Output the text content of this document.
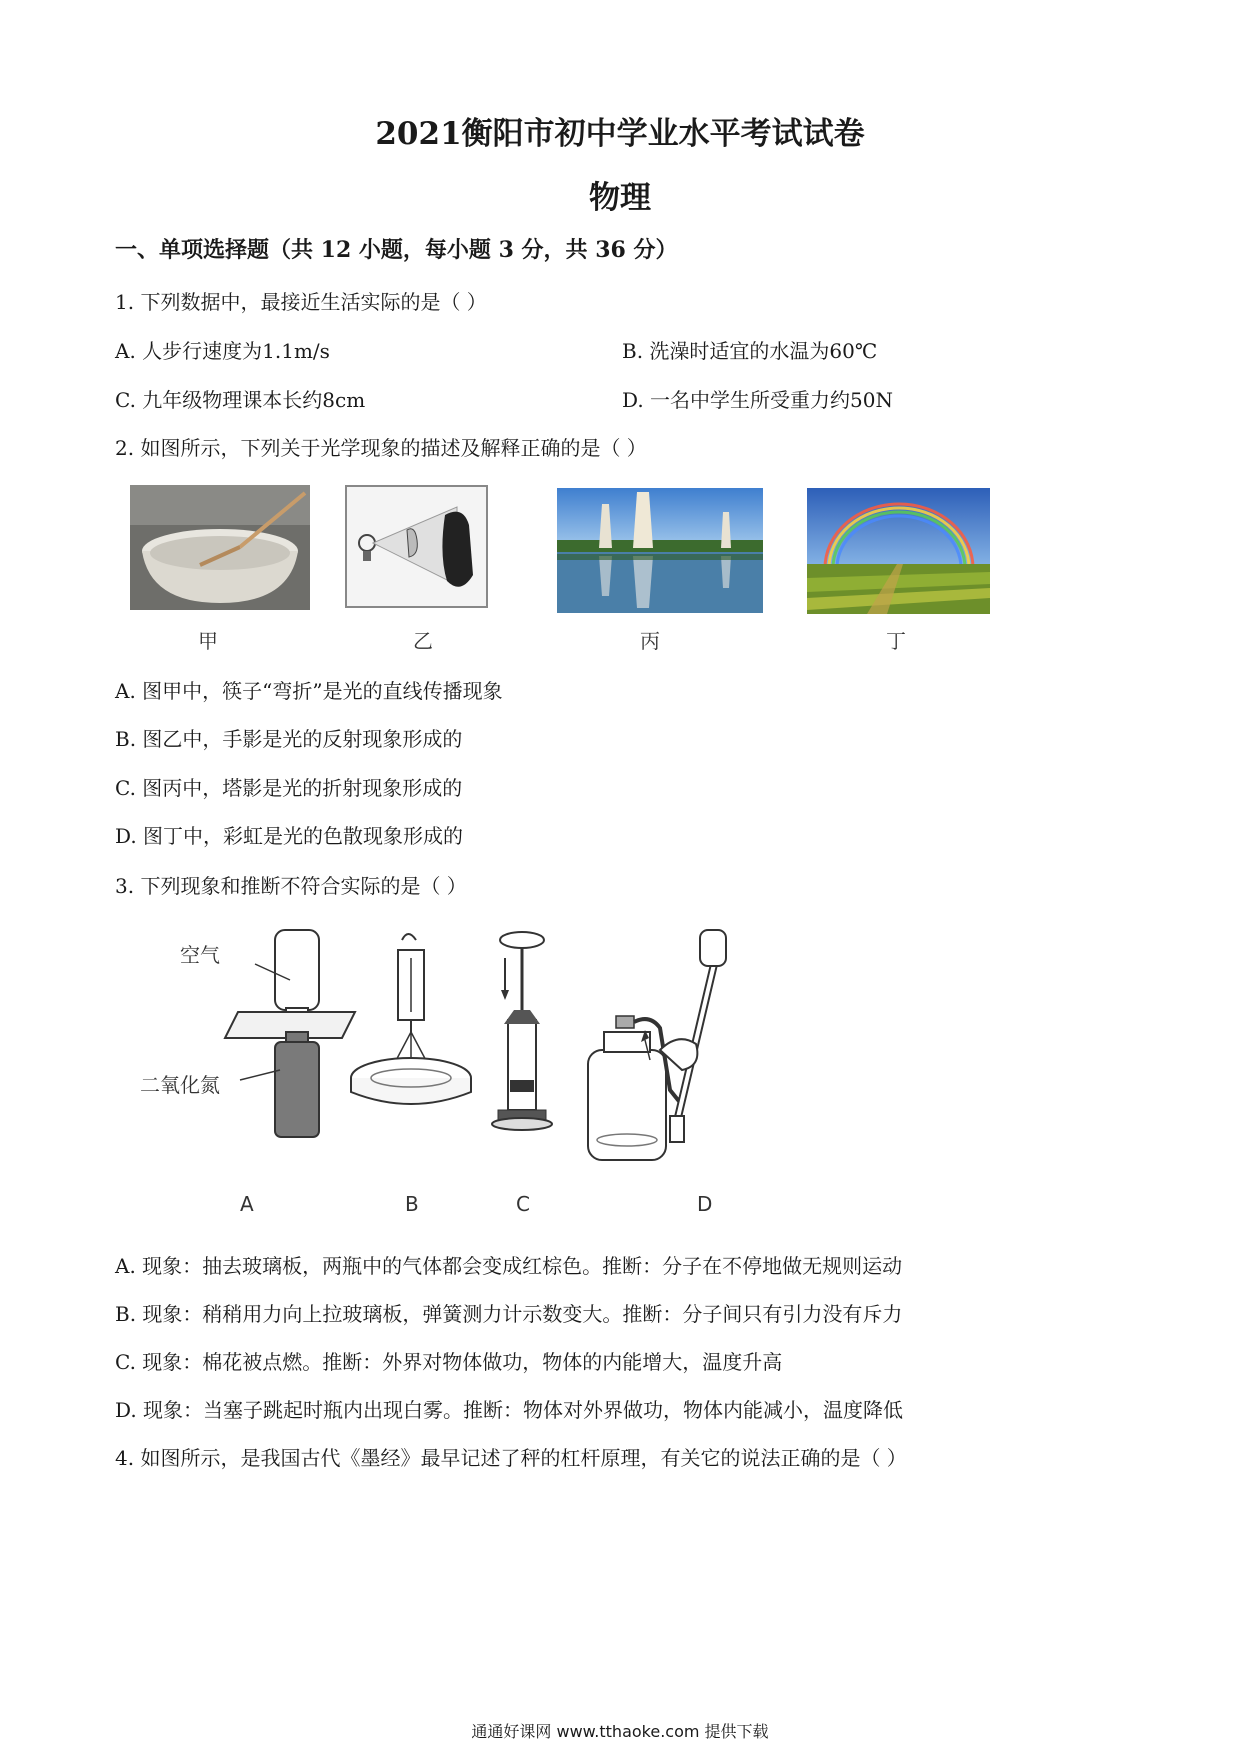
2021衡阳市初中学业水平考试试卷
物理
一、单项选择题（共 12 小题，每小题 3 分，共 36 分）
1. 下列数据中，最接近生活实际的是（ ）
A. 人步行速度为1.1m/s	B. 洗澡时适宜的水温为60℃
C. 九年级物理课本长约8cm	D. 一名中学生所受重力约50N
2. 如图所示，下列关于光学现象的描述及解释正确的是（ ）
甲	乙	丙	丁
A. 图甲中，筷子“弯折”是光的直线传播现象
B. 图乙中，手影是光的反射现象形成的
C. 图丙中，塔影是光的折射现象形成的
D. 图丁中，彩虹是光的色散现象形成的
3. 下列现象和推断不符合实际的是（ ）
空气
二氧化氮
A	B	C	D
A. 现象：抽去玻璃板，两瓶中的气体都会变成红棕色。推断：分子在不停地做无规则运动
B. 现象：稍稍用力向上拉玻璃板，弹簧测力计示数变大。推断：分子间只有引力没有斥力
C. 现象：棉花被点燃。推断：外界对物体做功，物体的内能增大，温度升高
D. 现象：当塞子跳起时瓶内出现白雾。推断：物体对外界做功，物体内能减小，温度降低
4. 如图所示，是我国古代《墨经》最早记述了秤的杠杆原理，有关它的说法正确的是（ ）
通通好课网 www.tthaoke.com 提供下载
